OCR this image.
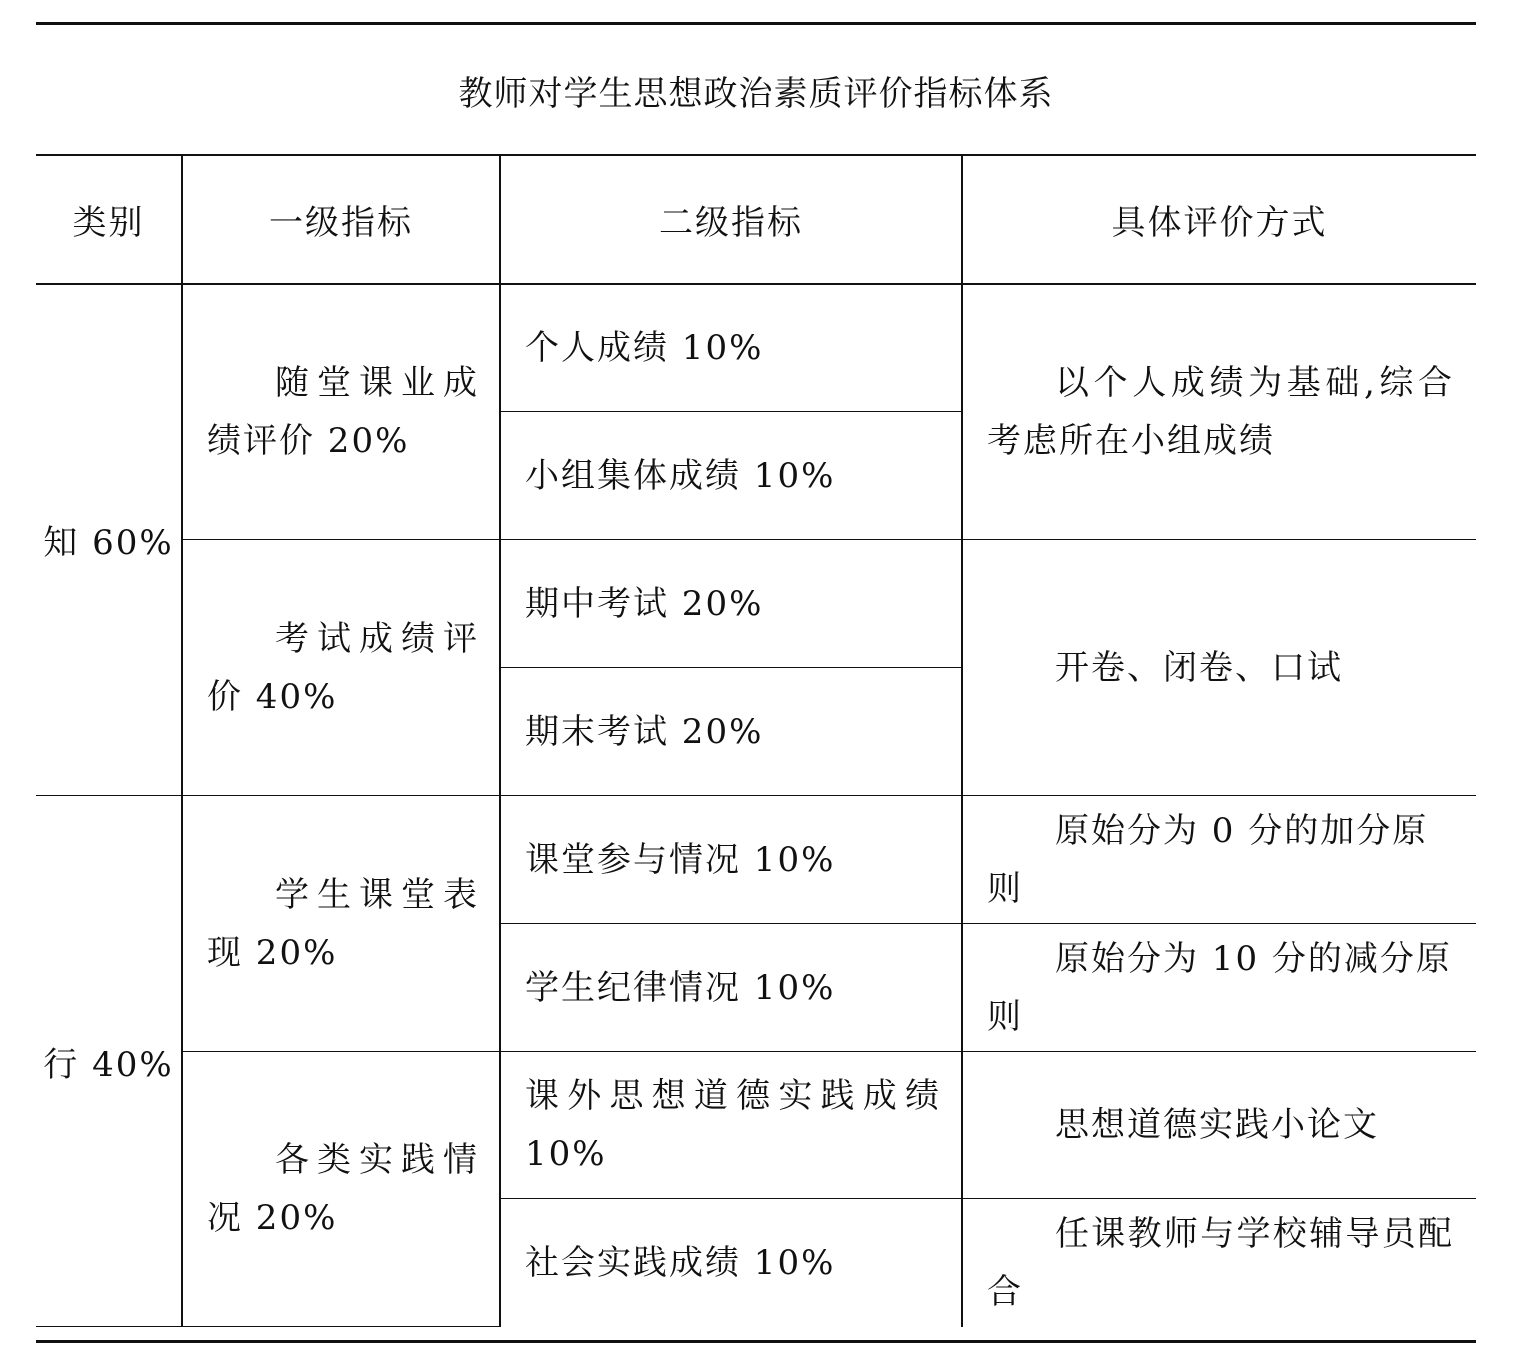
教师对学生思想政治素质评价指标体系
类别	一级指标	二级指标	具体评价方式
知 60%	随堂课业成绩评价 20%	个人成绩 10%	以个人成绩为基础,综合考虑所在小组成绩
		小组集体成绩 10%	
	考试成绩评价 40%	期中考试 20%	开卷、闭卷、口试
		期末考试 20%	
行 40%	学生课堂表现 20%	课堂参与情况 10%	原始分为 0 分的加分原则
		学生纪律情况 10%	原始分为 10 分的减分原则
	各类实践情况 20%	课外思想道德实践成绩 10%	思想道德实践小论文
		社会实践成绩 10%	任课教师与学校辅导员配合
